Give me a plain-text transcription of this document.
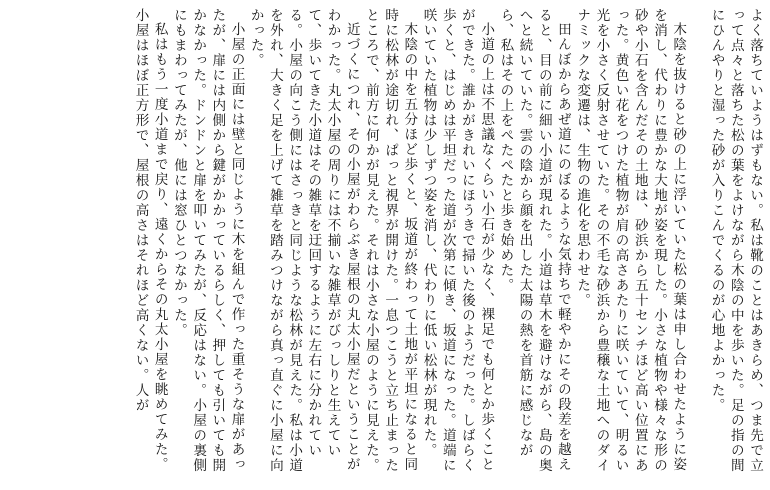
よく落ちていようはずもない。私は靴のことはあきらめ、つま先で立って点々と落ちた松の葉をよけながら木陰の中を歩いた。足の指の間にひんやりと湿った砂が入りこんでくるのが心地よかった。

木陰を抜けると砂の上に浮いていた松の葉は申し合わせたように姿を消し、代わりに豊かな大地が姿を現した。小さな植物や様々な形の砂や小石を含んだその土地は、砂浜から五十センチほど高い位置にあった。黄色い花をつけた植物が肩の高さあたりに咲いていて、明るい光を小さく反射させていた。その不毛な砂浜から豊穣な土地へのダイナミックな変遷は、生物の進化を思わせた。

田んぼからあぜ道にのぼるような気持ちで軽やかにその段差を越えると、目の前に細い小道が現れた。小道は草木を避けながら、島の奥へと続いていた。雲の陰から顔を出した太陽の熱を首筋に感じながら、私はその上をぺたぺたと歩き始めた。

小道の上は不思議なくらい小石が少なく、裸足でも何とか歩くことができた。誰かがきれいにほうきで掃いた後のようだった。しばらく歩くと、はじめは平坦だった道が次第に傾き、坂道になった。道端に咲いていた植物は少しずつ姿を消し、代わりに低い松林が現れた。

木陰の中を五分ほど歩くと、坂道が終わって土地が平坦になると同時に松林が途切れ、ぱっと視界が開けた。一息つこうと立ち止まったところで、前方に何かが見えた。それは小さな小屋のように見えた。

近づくにつれ、その小屋がわらぶき屋根の丸太小屋だということがわかった。丸太小屋の周りには不揃いな雑草がびっしりと生えていて、歩いてきた小道はその雑草を迂回するように左右に分かれている。小屋の向こう側にはさっきと同じような松林が見えた。私は小道を外れ、大きく足を上げて雑草を踏みつけながら真っ直ぐに小屋に向かった。

小屋の正面には壁と同じように木を組んで作った重そうな扉があったが、扉には内側から鍵がかかっているらしく、押しても引いても開かなかった。ドンドンと扉を叩いてみたが、反応はない。小屋の裏側にもまわってみたが、他には窓ひとつなかった。

私はもう一度小道まで戻り、遠くからその丸太小屋を眺めてみた。小屋はほぼ正方形で、屋根の高さはそれほど高くない。人が
